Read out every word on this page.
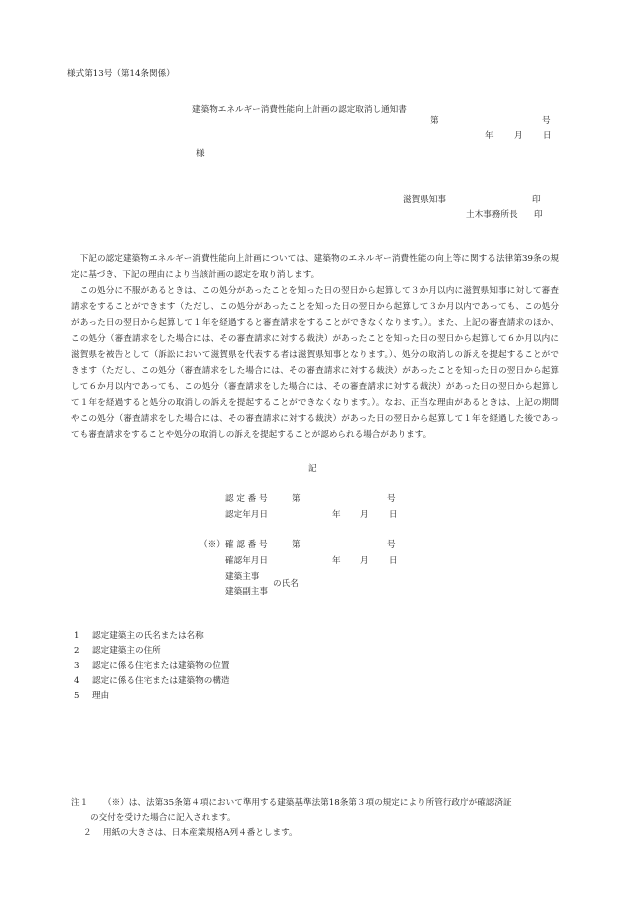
様式第13号（第14条関係）
建築物エネルギー消費性能向上計画の認定取消し通知書
第	号
年 月 日
様
滋賀県知事	印
土木事務所長 印

下記の認定建築物エネルギー消費性能向上計画については、建築物のエネルギー消費性能の向上等に関する法律第39条の規定に基づき、下記の理由により当該計画の認定を取り消します。

この処分に不服があるときは、この処分があったことを知った日の翌日から起算して３か月以内に滋賀県知事に対して審査請求をすることができます（ただし、この処分があったことを知った日の翌日から起算して３か月以内であっても、この処分があった日の翌日から起算して１年を経過すると審査請求をすることができなくなります。）。また、上記の審査請求のほか、この処分（審査請求をした場合には、その審査請求に対する裁決）があったことを知った日の翌日から起算して６か月以内に滋賀県を被告として（訴訟において滋賀県を代表する者は滋賀県知事となります。）、処分の取消しの訴えを提起することができます（ただし、この処分（審査請求をした場合には、その審査請求に対する裁決）があったことを知った日の翌日から起算して６か月以内であっても、この処分（審査請求をした場合には、その審査請求に対する裁決）があった日の翌日から起算して１年を経過すると処分の取消しの訴えを提起することができなくなります。）。なお、正当な理由があるときは、上記の期間やこの処分（審査請求をした場合には、その審査請求に対する裁決）があった日の翌日から起算して１年を経過した後であっても審査請求をすることや処分の取消しの訴えを提起することが認められる場合があります。

記
認 定 番 号	第	号
認定年月日	年 月 日
（※） 確 認 番 号	第	号
確認年月日	年 月 日
建築主事
建築副主事
の氏名
1 認定建築主の氏名または名称
2 認定建築主の住所
3 認定に係る住宅または建築物の位置
4 認定に係る住宅または建築物の構造
5 理由
注１ （※）は、法第35条第４項において準用する建築基準法第18条第３項の規定により所管行政庁が確認済証
の交付を受けた場合に記入されます。
２ 用紙の大きさは、日本産業規格A列４番とします。
